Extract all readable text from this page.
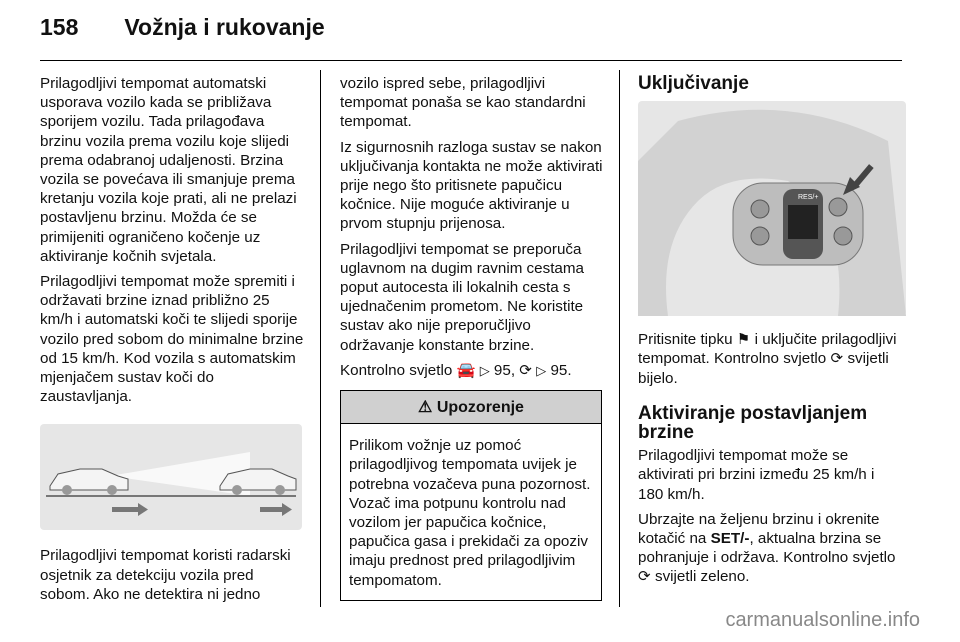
158 Vožnja i rukovanje

Prilagodljivi tempomat automatski usporava vozilo kada se približava sporijem vozilu. Tada prilagođava brzinu vozila prema vozilu koje slijedi prema odabranoj udaljenosti. Brzina vozila se povećava ili smanjuje prema kretanju vozila koje prati, ali ne prelazi postavljenu brzinu. Možda će se primijeniti ograničeno kočenje uz aktiviranje kočnih svjetala.

Prilagodljivi tempomat može spremiti i održavati brzine iznad približno 25 km/h i automatski koči te slijedi sporije vozilo pred sobom do minimalne brzine od 15 km/h. Kod vozila s automatskim mjenjačem sustav koči do zaustavljanja.

Prilagodljivi tempomat koristi radarski osjetnik za detekciju vozila pred sobom. Ako ne detektira ni jedno

vozilo ispred sebe, prilagodljivi tempomat ponaša se kao standardni tempomat.

Iz sigurnosnih razloga sustav se nakon uključivanja kontakta ne može aktivirati prije nego što pritisnete papučicu kočnice. Nije moguće aktiviranje u prvom stupnju prijenosa.

Prilagodljivi tempomat se preporuča uglavnom na dugim ravnim cestama poput autocesta ili lokalnih cesta s ujednačenim prometom. Ne koristite sustav ako nije preporučljivo održavanje konstante brzine.

Kontrolno svjetlo 🚘 ▷ 95, ⟳ ▷ 95.

⚠ Upozorenje
Prilikom vožnje uz pomoć prilagodljivog tempomata uvijek je potrebna vozačeva puna pozornost. Vozač ima potpunu kontrolu nad vozilom jer papučica kočnice, papučica gasa i prekidači za opoziv imaju prednost pred prilagodljivim tempomatom.
Uključivanje
RES/+

Pritisnite tipku ⚑ i uključite prilagodljivi tempomat. Kontrolno svjetlo ⟳ svijetli bijelo.

Aktiviranje postavljanjem brzine

Prilagodljivi tempomat može se aktivirati pri brzini između 25 km/h i 180 km/h.

Ubrzajte na željenu brzinu i okrenite kotačić na SET/-, aktualna brzina se pohranjuje i održava. Kontrolno svjetlo ⟳ svijetli zeleno.

carmanualsonline.info
